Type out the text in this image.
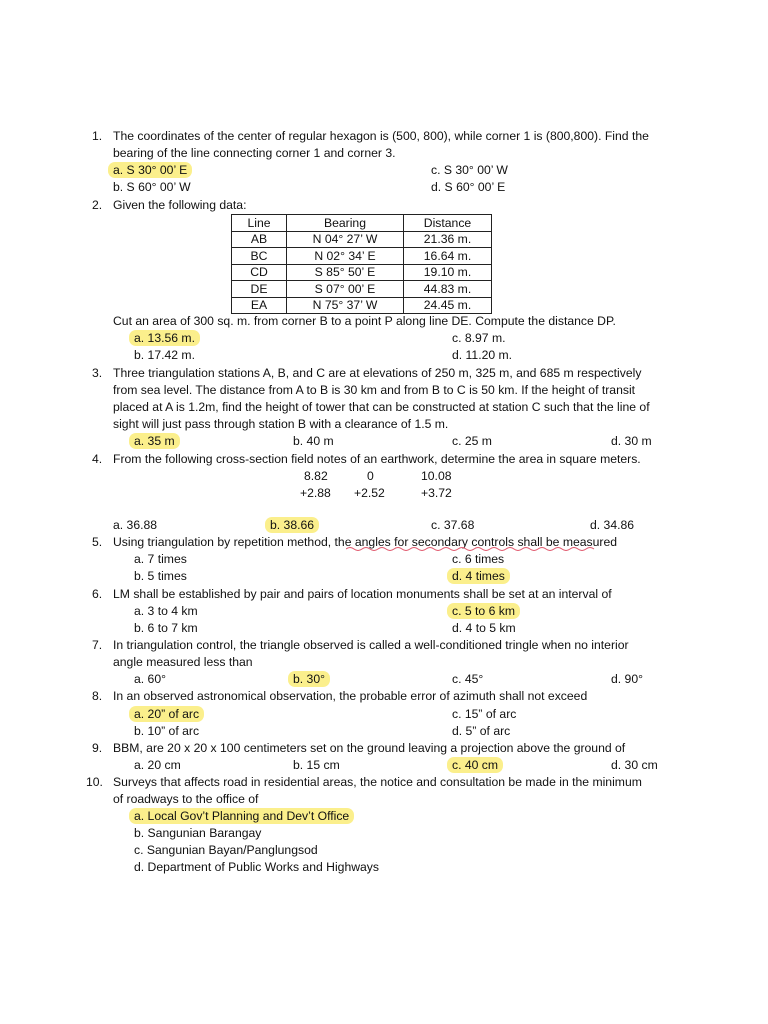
1. The coordinates of the center of regular hexagon is (500, 800), while corner 1 is (800,800). Find the
bearing of the line connecting corner 1 and corner 3.
a. S 30° 00’ E
b. S 60° 00’ W
c. S 30° 00’ W
d. S 60° 00’ E
2. Given the following data:
Line	Bearing	Distance
AB	N 04° 27’ W	21.36 m.
BC	N 02° 34’ E	16.64 m.
CD	S 85° 50’ E	19.10 m.
DE	S 07° 00’ E	44.83 m.
EA	N 75° 37’ W	24.45 m.
Cut an area of 300 sq. m. from corner B to a point P along line DE. Compute the distance DP.
a. 13.56 m.
b. 17.42 m.
c. 8.97 m.
d. 11.20 m.
3. Three triangulation stations A, B, and C are at elevations of 250 m, 325 m, and 685 m respectively
from sea level. The distance from A to B is 30 km and from B to C is 50 km. If the height of transit
placed at A is 1.2m, find the height of tower that can be constructed at station C such that the line of
sight will just pass through station B with a clearance of 1.5 m.
a. 35 m	b. 40 m	c. 25 m	d. 30 m
4. From the following cross-section field notes of an earthwork, determine the area in square meters.
8.82	0	10.08
+2.88 +2.52	+3.72
a. 36.88	b. 38.66	c. 37.68	d. 34.86
5. Using triangulation by repetition method, the angles for secondary controls shall be measured
a. 7 times
b. 5 times
c. 6 times
d. 4 times
6. LM shall be established by pair and pairs of location monuments shall be set at an interval of
a. 3 to 4 km
b. 6 to 7 km
c. 5 to 6 km
d. 4 to 5 km
7. In triangulation control, the triangle observed is called a well-conditioned tringle when no interior
angle measured less than
a. 60°	b. 30°	c. 45°	d. 90°
8. In an observed astronomical observation, the probable error of azimuth shall not exceed
a. 20” of arc
b. 10” of arc
c. 15” of arc
d. 5” of arc
9. BBM, are 20 x 20 x 100 centimeters set on the ground leaving a projection above the ground of
a. 20 cm	b. 15 cm	c. 40 cm	d. 30 cm
10. Surveys that affects road in residential areas, the notice and consultation be made in the minimum
of roadways to the office of
a. Local Gov’t Planning and Dev’t Office
b. Sangunian Barangay
c. Sangunian Bayan/Panglungsod
d. Department of Public Works and Highways
